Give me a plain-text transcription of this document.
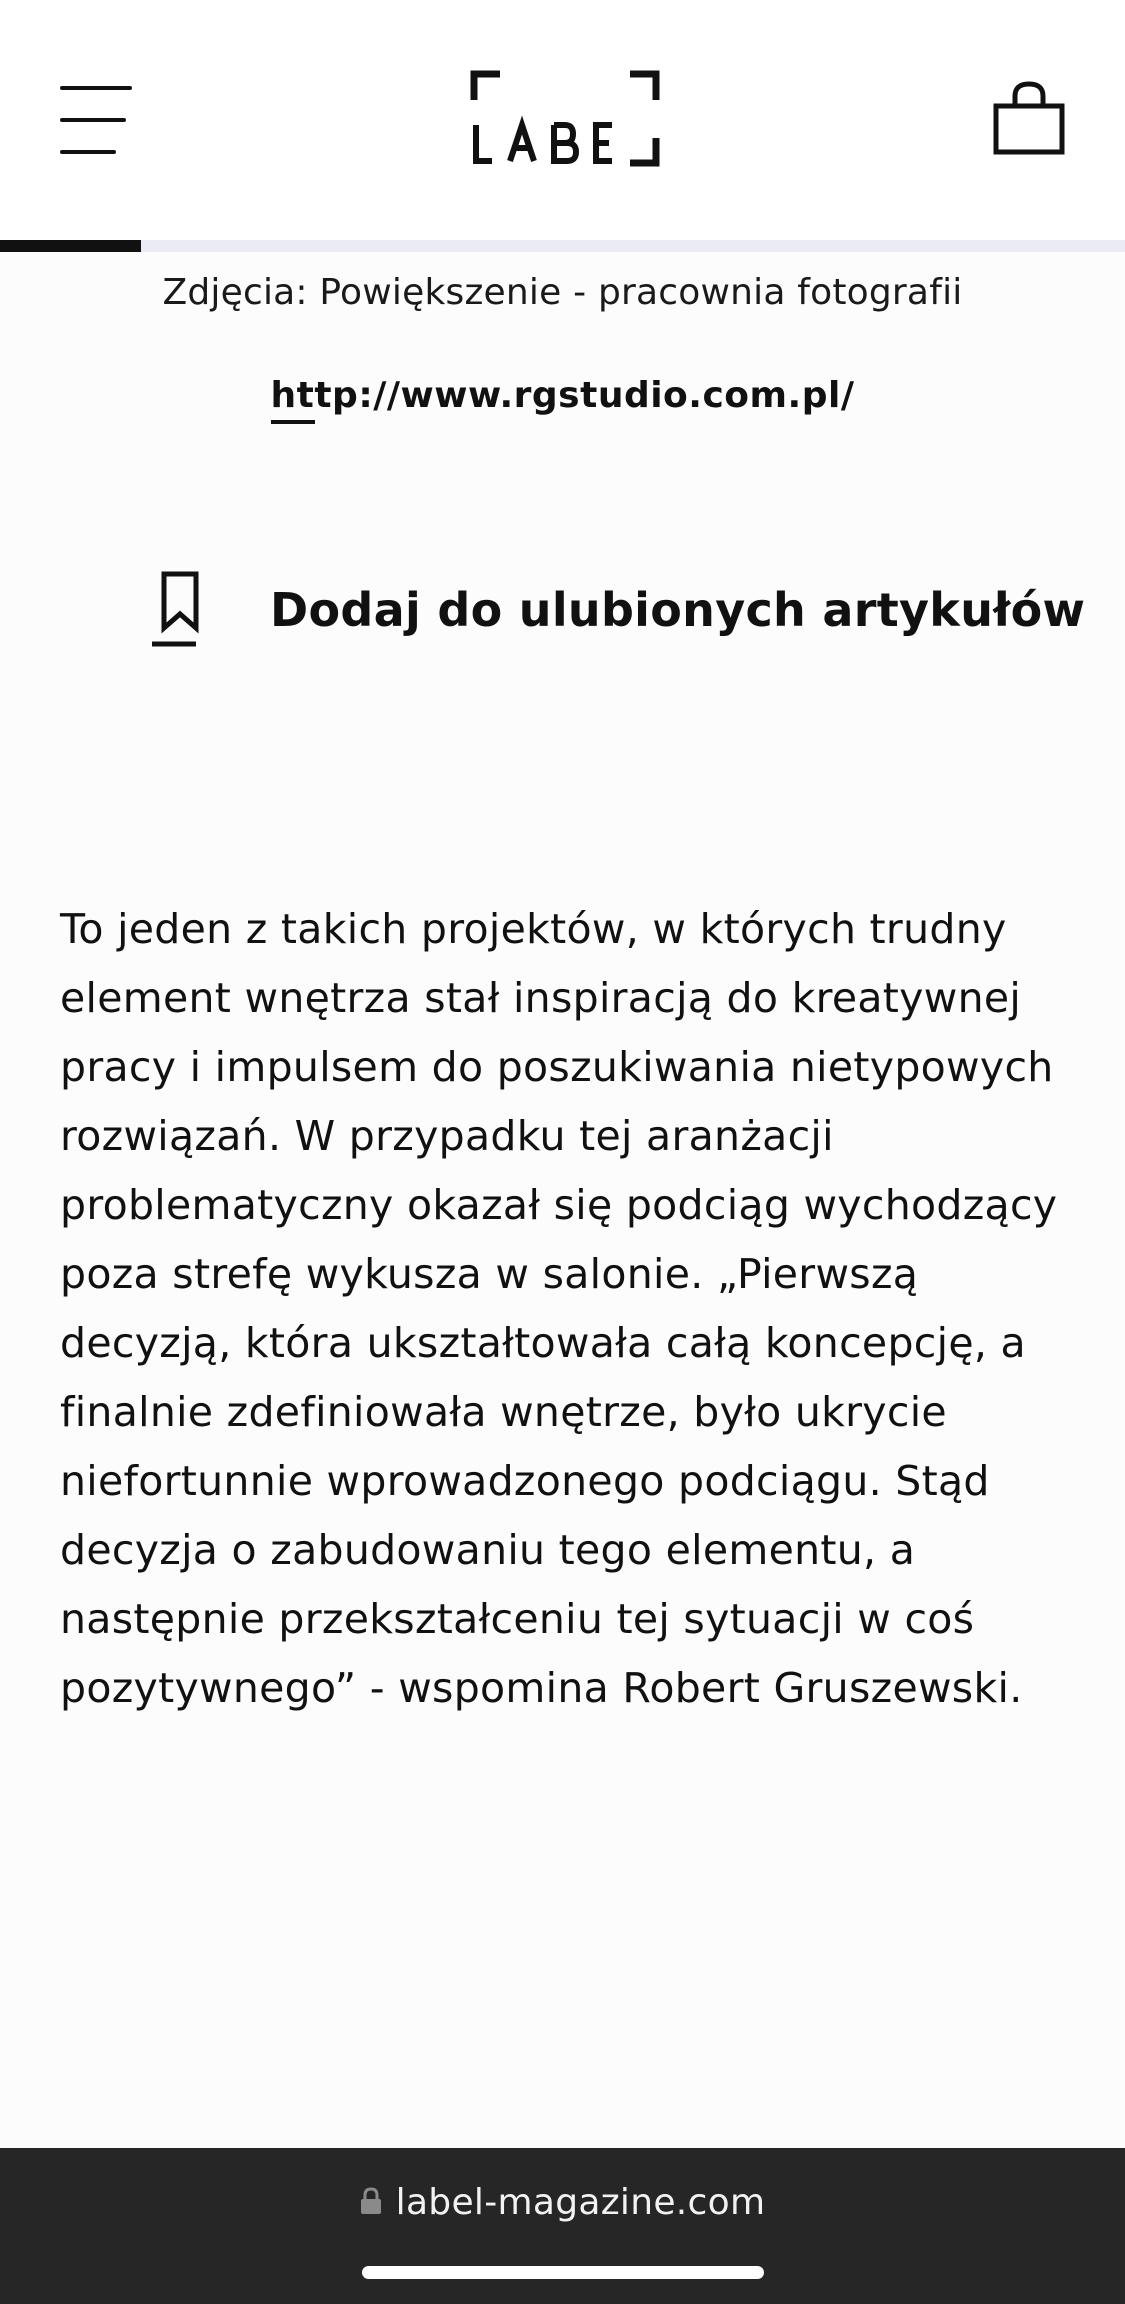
Zdjęcia: Powiększenie - pracownia fotografii
http://www.rgstudio.com.pl/
Dodaj do ulubionych artykułów

To jeden z takich projektów, w których trudny element wnętrza stał inspiracją do kreatywnej pracy i impulsem do poszukiwania nietypowych rozwiązań. W przypadku tej aranżacji problematyczny okazał się podciąg wychodzący poza strefę wykusza w salonie. „Pierwszą decyzją, która ukształtowała całą koncepcję, a finalnie zdefiniowała wnętrze, było ukrycie niefortunnie wprowadzonego podciągu. Stąd decyzja o zabudowaniu tego elementu, a następnie przekształceniu tej sytuacji w coś pozytywnego” - wspomina Robert Gruszewski.

label-magazine.com
